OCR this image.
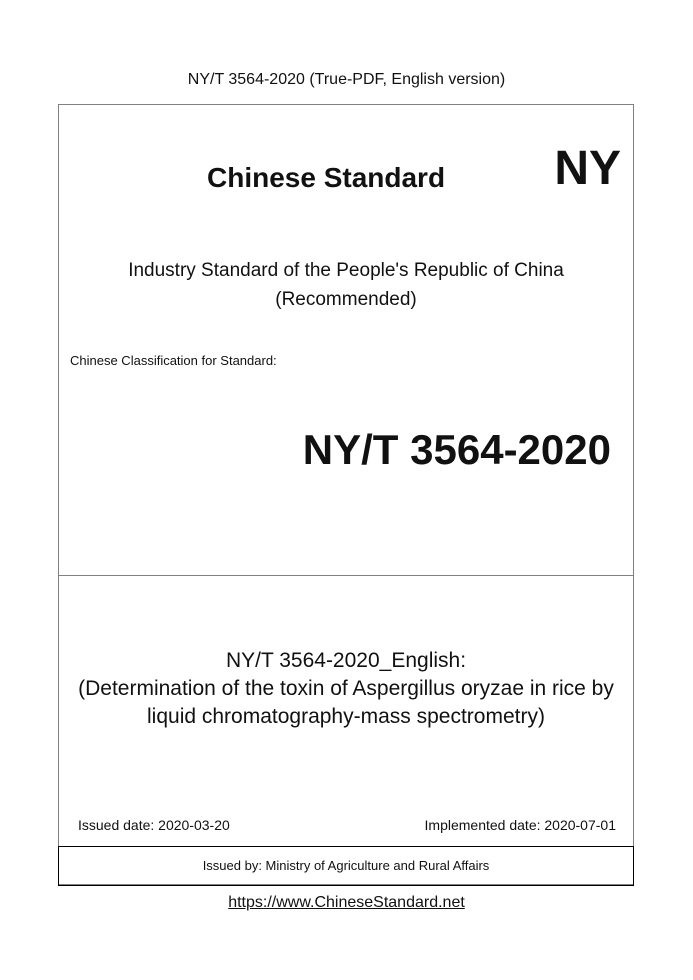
NY/T 3564-2020 (True-PDF, English version)
Chinese Standard NY
Industry Standard of the People's Republic of China
(Recommended)
Chinese Classification for Standard:
NY/T 3564-2020
NY/T 3564-2020_English:
(Determination of the toxin of Aspergillus oryzae in rice by
liquid chromatography-mass spectrometry)
Issued date: 2020-03-20	Implemented date: 2020-07-01
Issued by: Ministry of Agriculture and Rural Affairs
https://www.ChineseStandard.net
